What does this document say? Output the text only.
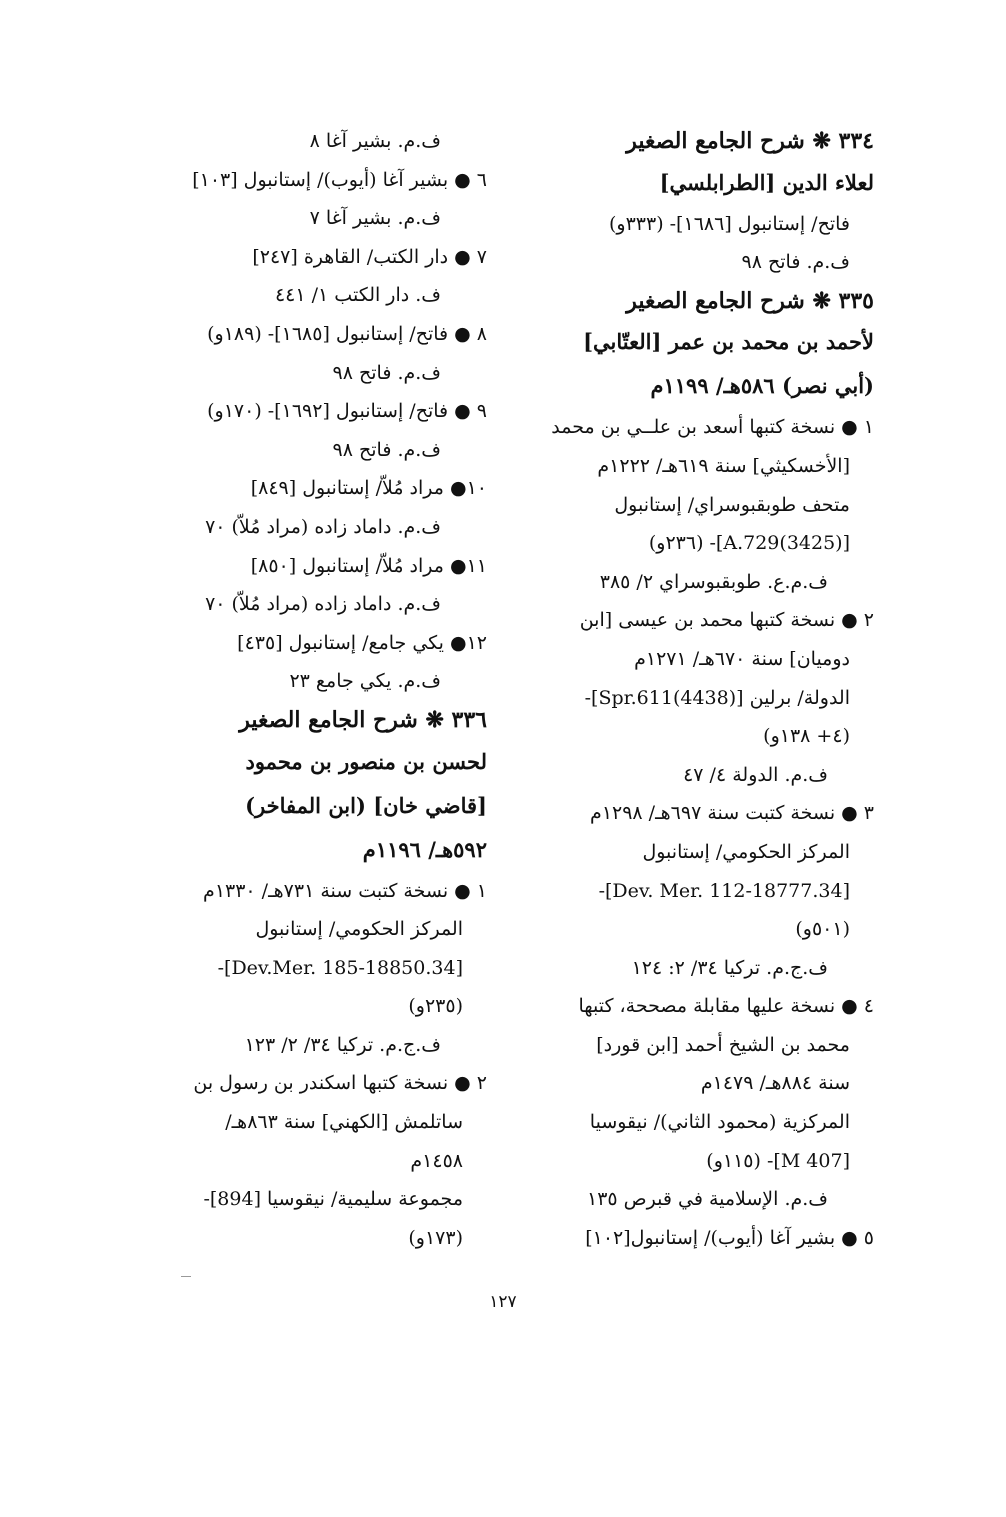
٣٣٤ ❋ شرح الجامع الصغير
لعلاء الدين [الطرابلسي]
فاتح/ إستانبول [١٦٨٦]- (٣٣٣و)
ف.م. فاتح ٩٨
٣٣٥ ❋ شرح الجامع الصغير
لأحمد بن محمد بن عمر [العتّابي]
(أبي نصر) ٥٨٦هـ/ ١١٩٩م
١ ● نسخة كتبها أسعد بن علــي بن محمد
[الأخسكيثي] سنة ٦١٩هـ/ ١٢٢٢م
متحف طوبقبوسراي/ إستانبول
[(3425)A.729]- (٢٣٦و)
ف.م.ع. طوبقبوسراي ٢/ ٣٨٥
٢ ● نسخة كتبها محمد بن عيسى [ابن
دوميان] سنة ٦٧٠هـ/ ١٢٧١م
الدولة/ برلين [(4438)Spr.611]-
(٤+ ١٣٨و)
ف.م. الدولة ٤/ ٤٧
٣ ● نسخة كتبت سنة ٦٩٧هـ/ ١٢٩٨م
المركز الحكومي/ إستانبول
[34.Dev. Mer. 112-18777]-
(٥٠١و)
ف.ج.م. تركيا ٣٤/ ٢: ١٢٤
٤ ● نسخة عليها مقابلة مصححة، كتبها
محمد بن الشيخ أحمد [ابن قورد]
سنة ٨٨٤هـ/ ١٤٧٩م
المركزية (محمود الثاني)/ نيقوسيا
[M 407]- (١١٥و)
ف.م. الإسلامية في قبرص ١٣٥
٥ ● بشير آغا (أيوب)/ إستانبول[١٠٢]
ف.م. بشير آغا ٨
٦ ● بشير آغا (أيوب)/ إستانبول [١٠٣]
ف.م. بشير آغا ٧
٧ ● دار الكتب/ القاهرة [٢٤٧]
ف. دار الكتب ١/ ٤٤١
٨ ● فاتح/ إستانبول [١٦٨٥]- (١٨٩و)
ف.م. فاتح ٩٨
٩ ● فاتح/ إستانبول [١٦٩٢]- (١٧٠و)
ف.م. فاتح ٩٨
١٠● مراد مُلاّ/ إستانبول [٨٤٩]
ف.م. داماد زاده (مراد مُلاّ) ٧٠
١١● مراد مُلاّ/ إستانبول [٨٥٠]
ف.م. داماد زاده (مراد مُلاّ) ٧٠
١٢● يكي جامع/ إستانبول [٤٣٥]
ف.م. يكي جامع ٢٣
٣٣٦ ❋ شرح الجامع الصغير
لحسن بن منصور بن محمود
[قاضي خان] (ابن المفاخر)
٥٩٢هـ/ ١١٩٦م
١ ● نسخة كتبت سنة ٧٣١هـ/ ١٣٣٠م
المركز الحكومي/ إستانبول
[34.Dev.Mer. 185-18850]-
(٢٣٥و)
ف.ج.م. تركيا ٣٤/ ٢/ ١٢٣
٢ ● نسخة كتبها اسكندر بن رسول بن
ساتلمش [الكهني] سنة ٨٦٣هـ/
١٤٥٨م
مجموعة سليمية/ نيقوسيا [894]-
(١٧٣و)
١٢٧
